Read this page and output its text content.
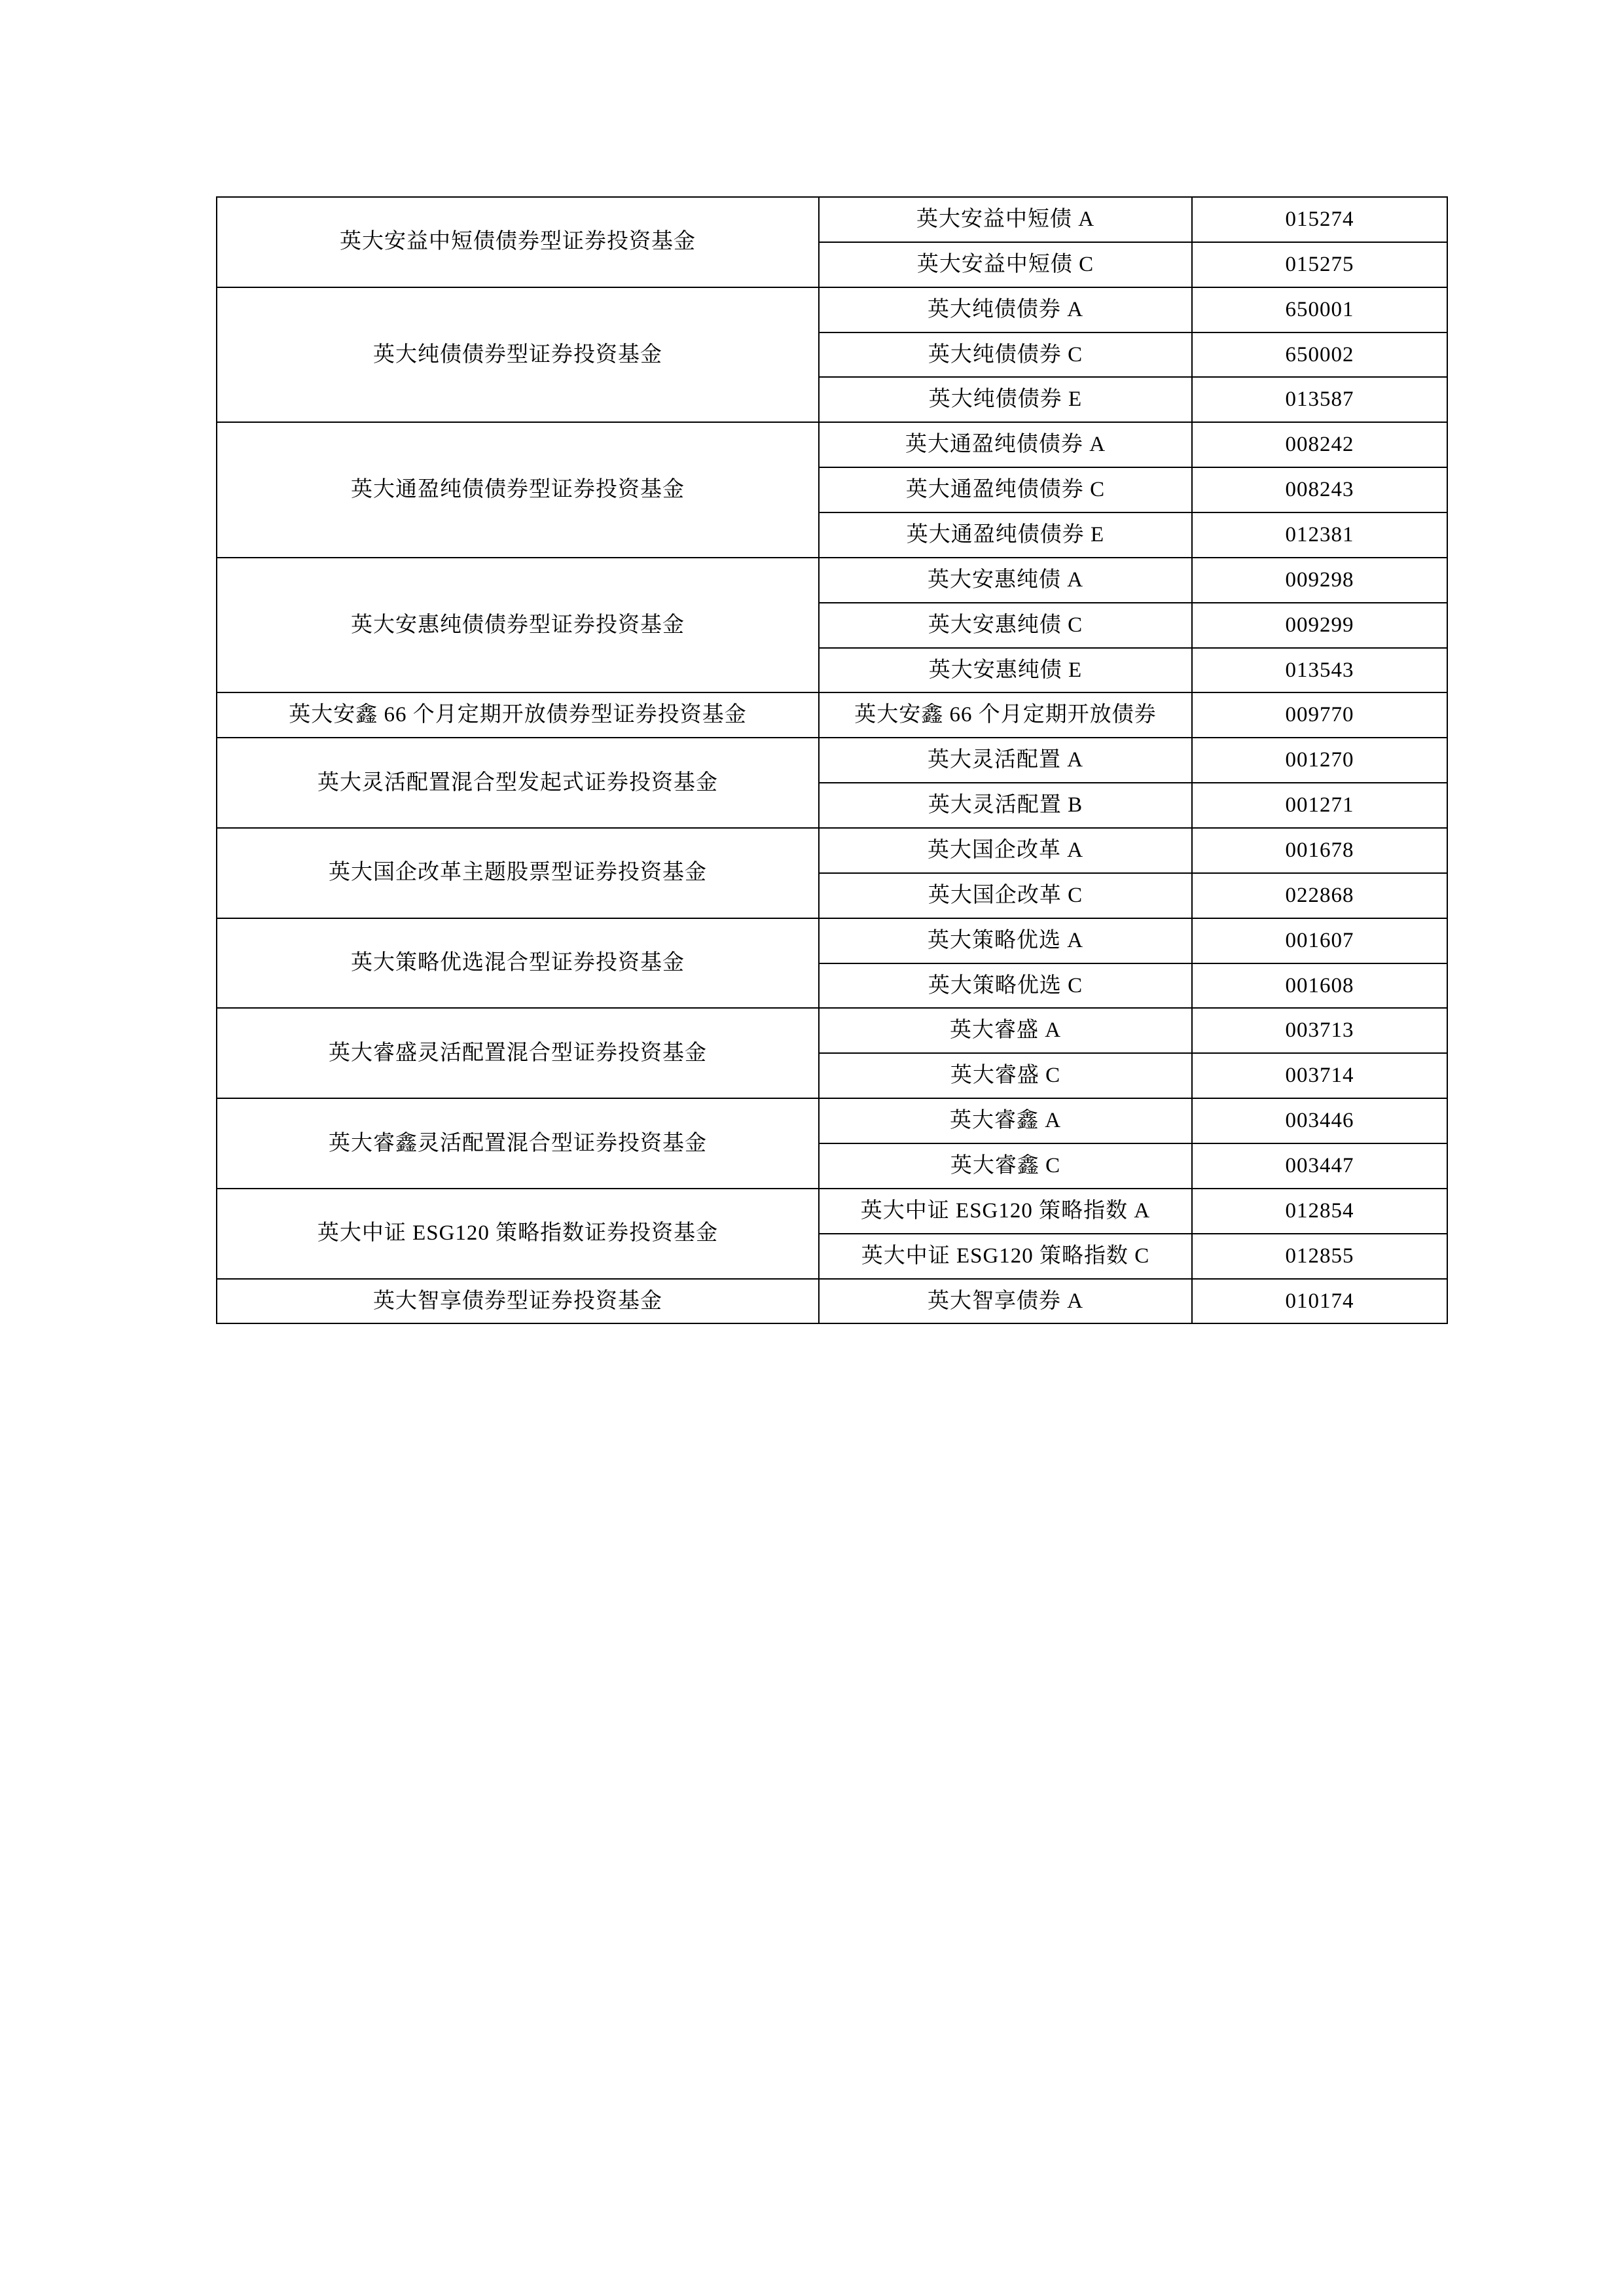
英大安益中短债债券型证券投资基金	英大安益中短债 A	015274
	英大安益中短债 C	015275
英大纯债债券型证券投资基金	英大纯债债券 A	650001
	英大纯债债券 C	650002
	英大纯债债券 E	013587
英大通盈纯债债券型证券投资基金	英大通盈纯债债券 A	008242
	英大通盈纯债债券 C	008243
	英大通盈纯债债券 E	012381
英大安惠纯债债券型证券投资基金	英大安惠纯债 A	009298
	英大安惠纯债 C	009299
	英大安惠纯债 E	013543
英大安鑫 66 个月定期开放债券型证券投资基金	英大安鑫 66 个月定期开放债券	009770
英大灵活配置混合型发起式证券投资基金	英大灵活配置 A	001270
	英大灵活配置 B	001271
英大国企改革主题股票型证券投资基金	英大国企改革 A	001678
	英大国企改革 C	022868
英大策略优选混合型证券投资基金	英大策略优选 A	001607
	英大策略优选 C	001608
英大睿盛灵活配置混合型证券投资基金	英大睿盛 A	003713
	英大睿盛 C	003714
英大睿鑫灵活配置混合型证券投资基金	英大睿鑫 A	003446
	英大睿鑫 C	003447
英大中证 ESG120 策略指数证券投资基金	英大中证 ESG120 策略指数 A	012854
	英大中证 ESG120 策略指数 C	012855
英大智享债券型证券投资基金	英大智享债券 A	010174
